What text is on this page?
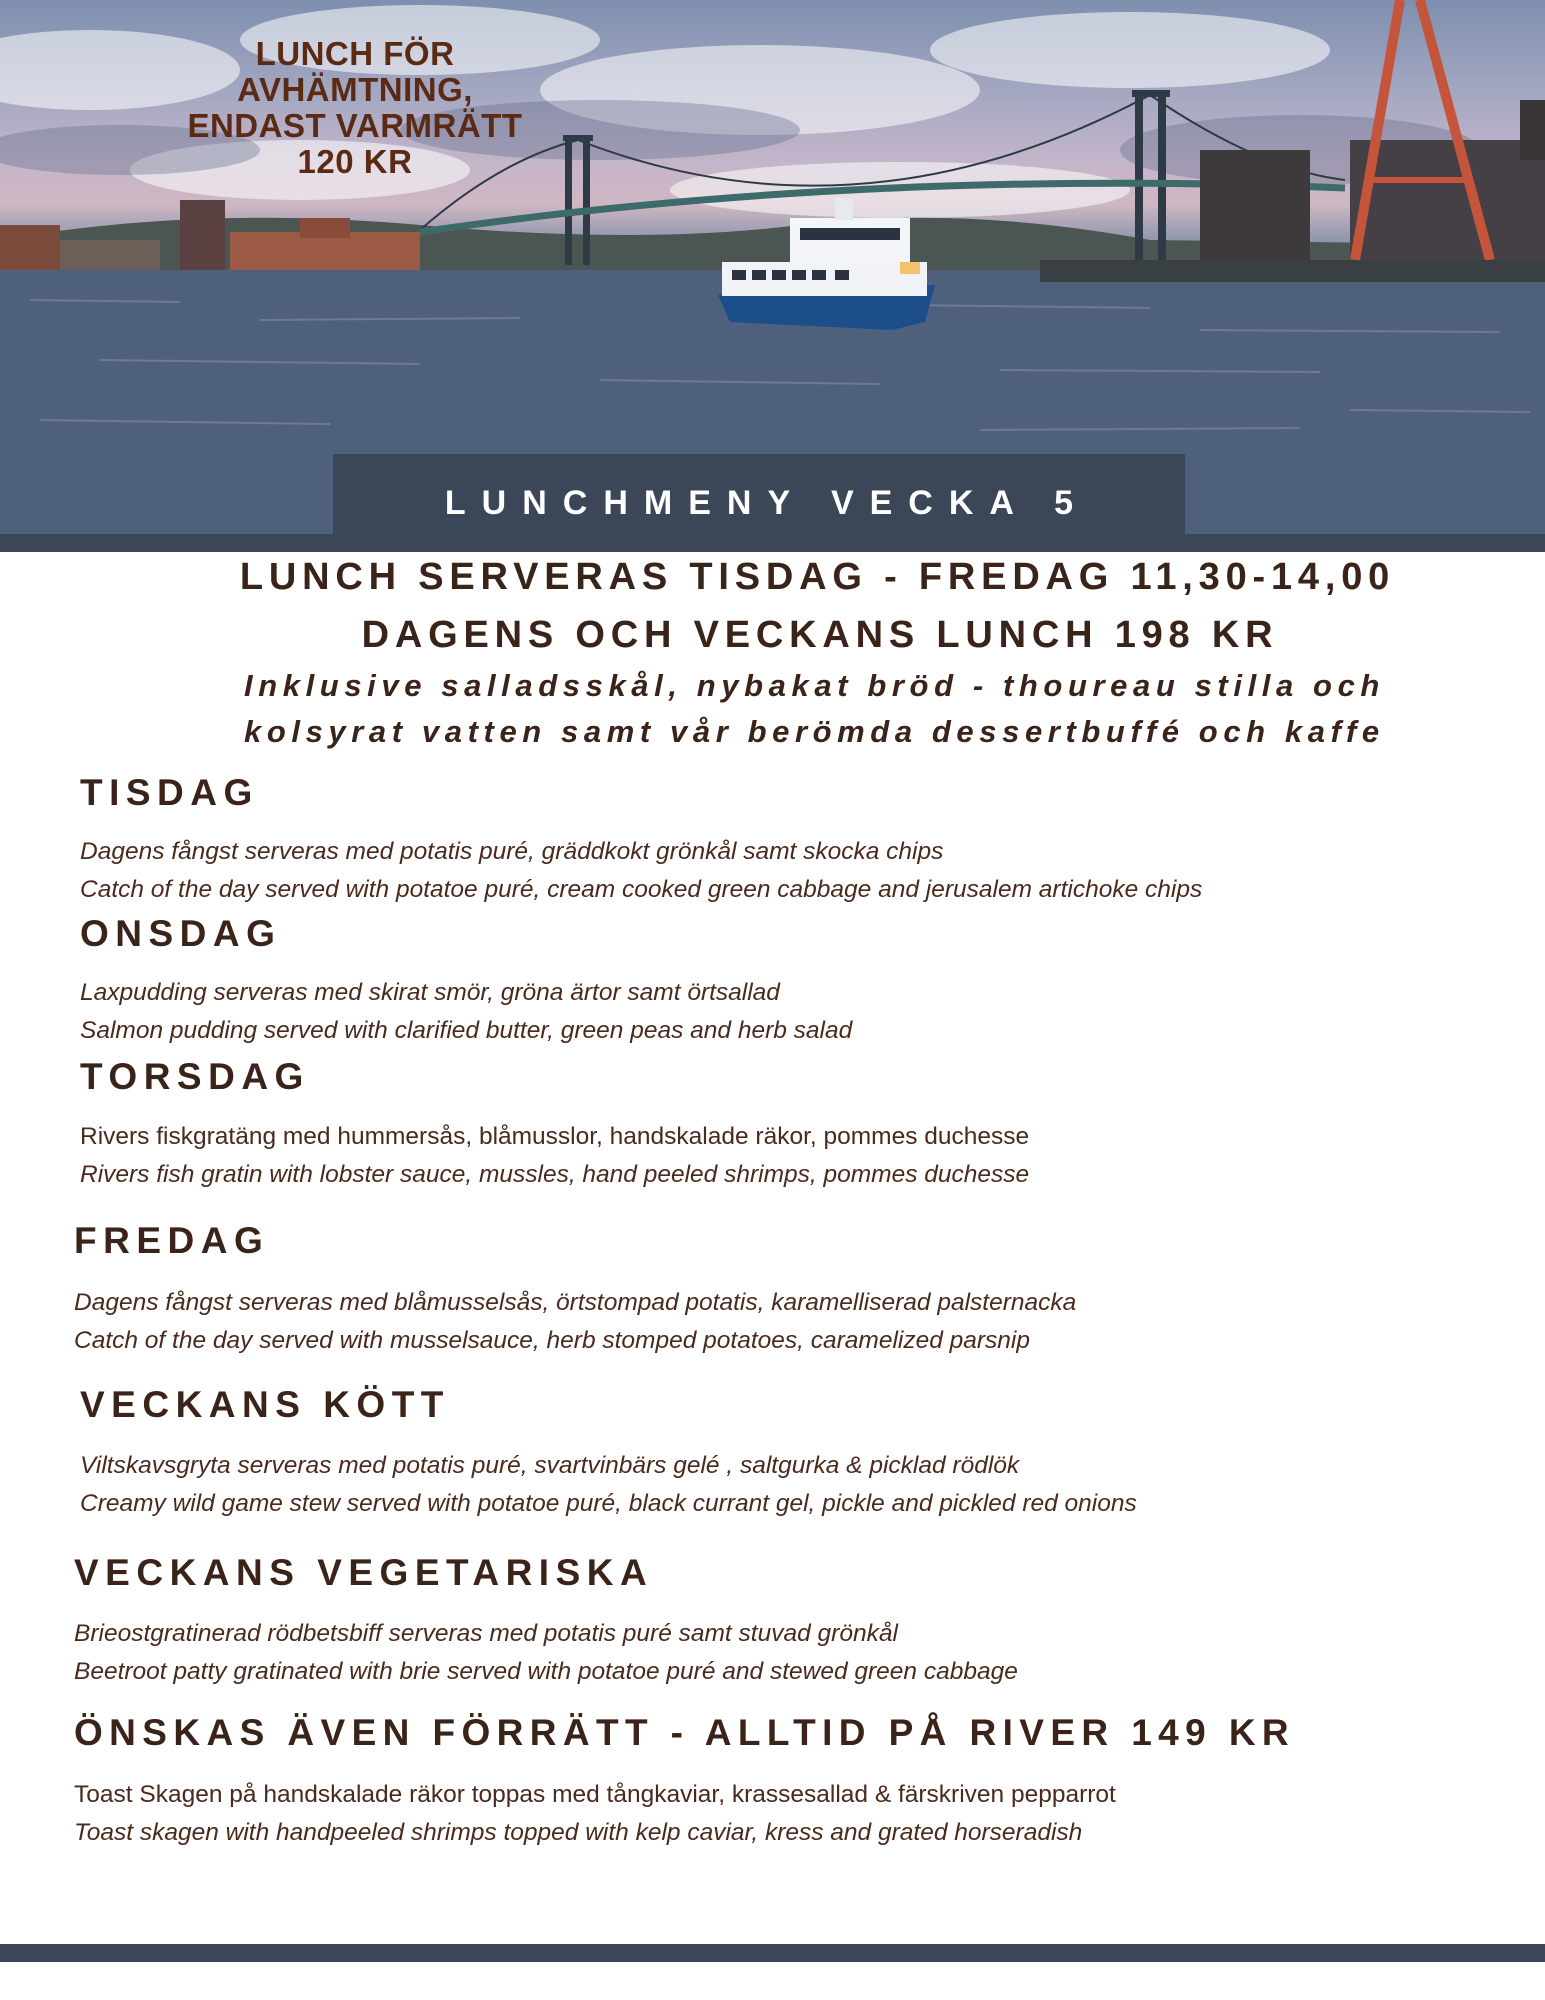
LUNCH FÖR
AVHÄMTNING,
ENDAST VARMRÄTT
120 KR
LUNCHMENY VECKA 5
LUNCH SERVERAS TISDAG - FREDAG 11,30-14,00
DAGENS OCH VECKANS LUNCH 198 KR
Inklusive salladsskål, nybakat bröd - thoureau stilla och
kolsyrat vatten samt vår berömda dessertbuffé och kaffe
TISDAG
Dagens fångst serveras med potatis puré, gräddkokt grönkål samt skocka chips
Catch of the day served with potatoe puré, cream cooked green cabbage and jerusalem artichoke chips
ONSDAG
Laxpudding serveras med skirat smör, gröna ärtor samt örtsallad
Salmon pudding served with clarified butter, green peas and herb salad
TORSDAG
Rivers fiskgratäng med hummersås, blåmusslor, handskalade räkor, pommes duchesse
Rivers fish gratin with lobster sauce, mussles, hand peeled shrimps, pommes duchesse
FREDAG
Dagens fångst serveras med blåmusselsås, örtstompad potatis, karamelliserad palsternacka
Catch of the day served with musselsauce, herb stomped potatoes, caramelized parsnip
VECKANS KÖTT
Viltskavsgryta serveras med potatis puré, svartvinbärs gelé , saltgurka & picklad rödlök
Creamy wild game stew served with potatoe puré, black currant gel, pickle and pickled red onions
VECKANS VEGETARISKA
Brieostgratinerad rödbetsbiff serveras med potatis puré samt stuvad grönkål
Beetroot patty gratinated with brie served with potatoe puré and stewed green cabbage
ÖNSKAS ÄVEN FÖRRÄTT - ALLTID PÅ RIVER 149 KR
Toast Skagen på handskalade räkor toppas med tångkaviar, krassesallad & färskriven pepparrot
Toast skagen with handpeeled shrimps topped with kelp caviar, kress and grated horseradish
